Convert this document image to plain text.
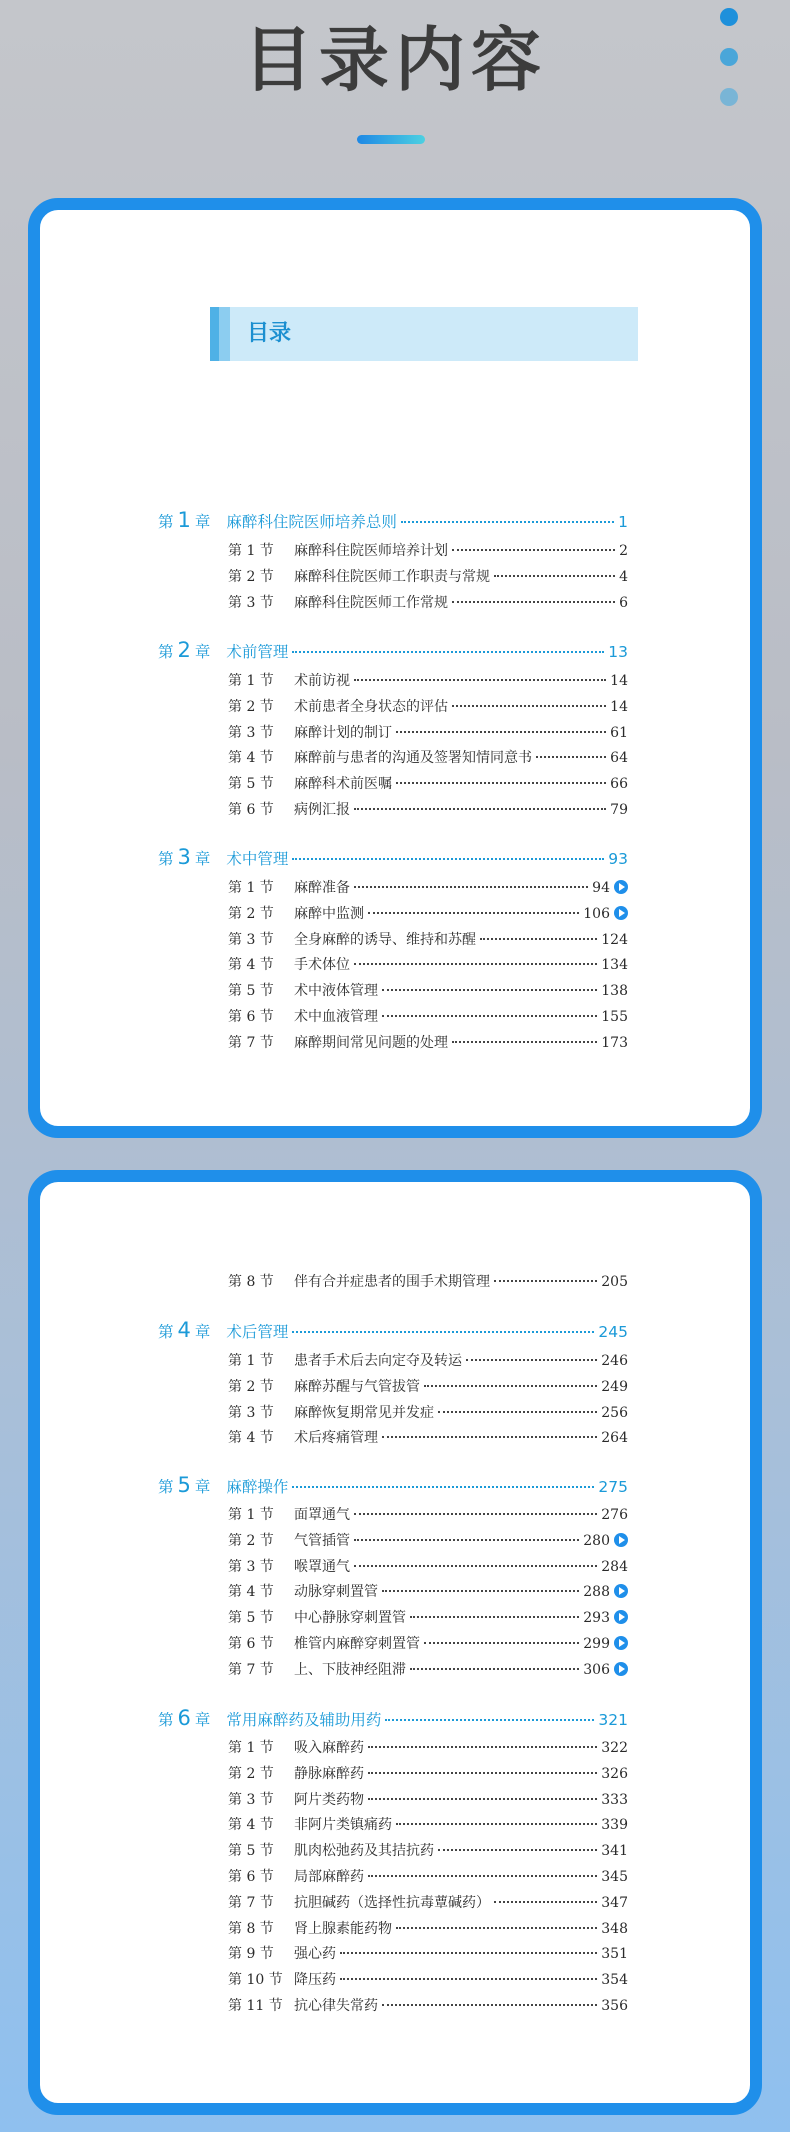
目录内容
目录
第 1 章 麻醉科住院医师培养总则	1
第 1 节	麻醉科住院医师培养计划	2
第 2 节	麻醉科住院医师工作职责与常规	4
第 3 节	麻醉科住院医师工作常规	6
第 2 章 术前管理	13
第 1 节	术前访视	14
第 2 节	术前患者全身状态的评估	14
第 3 节	麻醉计划的制订	61
第 4 节	麻醉前与患者的沟通及签署知情同意书	64
第 5 节	麻醉科术前医嘱	66
第 6 节	病例汇报	79
第 3 章 术中管理	93
第 1 节	麻醉准备	94
第 2 节	麻醉中监测	106
第 3 节	全身麻醉的诱导、维持和苏醒	124
第 4 节	手术体位	134
第 5 节	术中液体管理	138
第 6 节	术中血液管理	155
第 7 节	麻醉期间常见问题的处理	173
第 8 节	伴有合并症患者的围手术期管理	205
第 4 章 术后管理	245
第 1 节	患者手术后去向定夺及转运	246
第 2 节	麻醉苏醒与气管拔管	249
第 3 节	麻醉恢复期常见并发症	256
第 4 节	术后疼痛管理	264
第 5 章 麻醉操作	275
第 1 节	面罩通气	276
第 2 节	气管插管	280
第 3 节	喉罩通气	284
第 4 节	动脉穿刺置管	288
第 5 节	中心静脉穿刺置管	293
第 6 节	椎管内麻醉穿刺置管	299
第 7 节	上、下肢神经阻滞	306
第 6 章 常用麻醉药及辅助用药	321
第 1 节	吸入麻醉药	322
第 2 节	静脉麻醉药	326
第 3 节	阿片类药物	333
第 4 节	非阿片类镇痛药	339
第 5 节	肌肉松弛药及其拮抗药	341
第 6 节	局部麻醉药	345
第 7 节	抗胆碱药（选择性抗毒蕈碱药）	347
第 8 节	肾上腺素能药物	348
第 9 节	强心药	351
第 10 节 降压药	354
第 11 节 抗心律失常药	356
